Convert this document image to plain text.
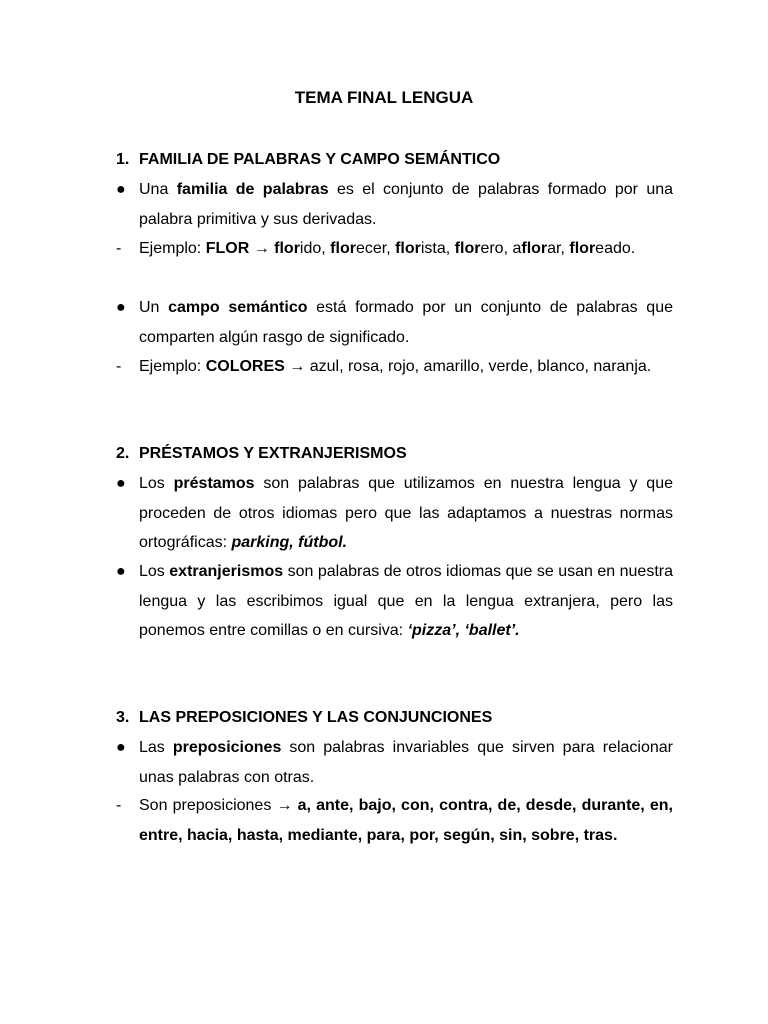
TEMA FINAL LENGUA
1. FAMILIA DE PALABRAS Y CAMPO SEMÁNTICO
● Una familia de palabras es el conjunto de palabras formado por una palabra primitiva y sus derivadas.
-	Ejemplo: FLOR → florido, florecer, florista, florero, aflorar, floreado.
● Un campo semántico está formado por un conjunto de palabras que comparten algún rasgo de significado.
-	Ejemplo: COLORES → azul, rosa, rojo, amarillo, verde, blanco, naranja.
2. PRÉSTAMOS Y EXTRANJERISMOS
● Los préstamos son palabras que utilizamos en nuestra lengua y que proceden de otros idiomas pero que las adaptamos a nuestras normas ortográficas: parking, fútbol.
● Los extranjerismos son palabras de otros idiomas que se usan en nuestra lengua y las escribimos igual que en la lengua extranjera, pero las ponemos entre comillas o en cursiva: ‘pizza’, ‘ballet’.
3. LAS PREPOSICIONES Y LAS CONJUNCIONES
● Las preposiciones son palabras invariables que sirven para relacionar unas palabras con otras.
-	Son preposiciones → a, ante, bajo, con, contra, de, desde, durante, en, entre, hacia, hasta, mediante, para, por, según, sin, sobre, tras.
